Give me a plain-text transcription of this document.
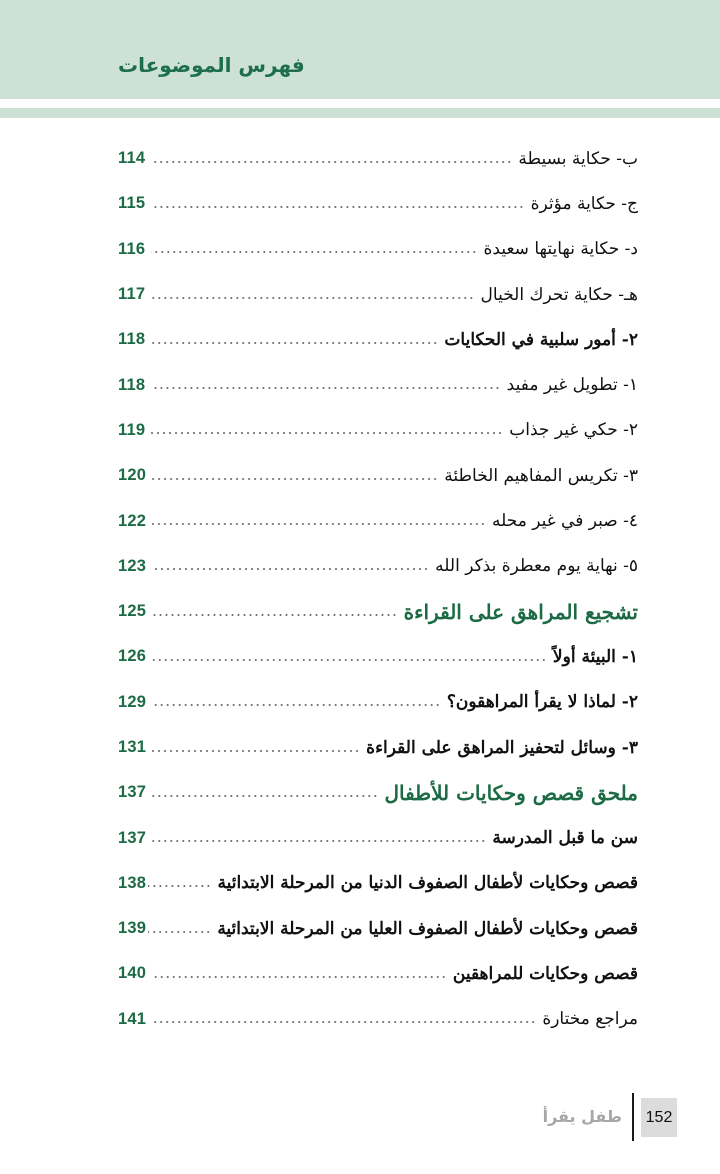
فهرس الموضوعات
114	ب- حكاية بسيطة
115	ج- حكاية مؤثرة
116	د- حكاية نهايتها سعيدة
117	هـ- حكاية تحرك الخيال
118	٢- أمور سلبية في الحكايات
118	١- تطويل غير مفيد
119	٢- حكي غير جذاب
120	٣- تكريس المفاهيم الخاطئة
122	٤- صبر في غير محله
123	٥- نهاية يوم معطرة بذكر الله
125	تشجيع المراهق على القراءة
126	١- البيئة أولاً
129	٢- لماذا لا يقرأ المراهقون؟
131	٣- وسائل لتحفيز المراهق على القراءة
137	ملحق قصص وحكايات للأطفال
137	سن ما قبل المدرسة
138	قصص وحكايات لأطفال الصفوف الدنيا من المرحلة الابتدائية
139	قصص وحكايات لأطفال الصفوف العليا من المرحلة الابتدائية
140	قصص وحكايات للمراهقين
141	مراجع مختارة
152
طفل يقرأ
